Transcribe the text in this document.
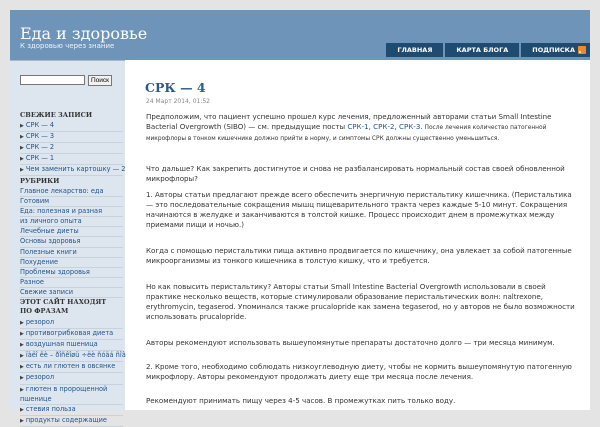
Еда и здоровье
К здоровью через знание	ГЛАВНАЯ	КАРТА БЛОГА	ПОДПИСКА
Поиск
СВЕЖИЕ ЗАПИСИ
▶ СРК — 4
▶ СРК — 3
▶ СРК — 2
▶ СРК — 1
▶ Чем заменить картошку — 2
РУБРИКИ
Главное лекарство: еда
Готовим
Еда: полезная и разная
из личного опыта
Лечебные диеты
Основы здоровья
Полезные книги
Похудение
Проблемы здоровья
Разное
Свежие записи
ЭТОТ САЙТ НАХОДЯТ ПО ФРАЗАМ
▶ резорол
▶ противогрибковая диета
▶ воздушная пшеница
▶ ïàëî êè – ðîñêîøü ÷ëè ñóäá ñîâ
▶ есть ли глютен в овсянке
▶ резорол
▶ глютен в пророщенной пшенице
▶ стевия польза
▶ продукты содержащие
СРК — 4
24 Март 2014, 01:52

Предположим, что пациент успешно прошел курс лечения, предложенный авторами статьи Small Intestine Bacterial Overgrowth (SIBO) — см. предыдущие посты СРК-1, СРК-2, СРК-3. После лечения количество патогенной микрофлоры в тонком кишечнике должно прийти в норму, и симптомы СРК должны существенно уменьшиться.

Что дальше? Как закрепить достигнутое и снова не разбалансировать нормальный состав своей обновленной микрофлоры?

1. Авторы статьи предлагают прежде всего обеспечить энергичную перистальтику кишечника. (Перистальтика — это последовательные сокращения мышц пищеварительного тракта через каждые 5-10 минут. Сокращения начинаются в желудке и заканчиваются в толстой кишке. Процесс происходит днем в промежутках между приемами пищи и ночью.)

Когда с помощью перистальтики пища активно продвигается по кишечнику, она увлекает за собой патогенные микроорганизмы из тонкого кишечника в толстую кишку, что и требуется.

Но как повысить перистальтику? Авторы статьи Small Intestine Bacterial Overgrowth использовали в своей практике несколько веществ, которые стимулировали образование перистальтических волн: naltrexone, erythromycin, tegaserod. Упоминался также prucalopride как замена tegaserod, но у авторов не было возможности использовать prucalopride.

Авторы рекомендуют использовать вышеупомянутые препараты достаточно долго — три месяца минимум.

2. Кроме того, необходимо соблюдать низкоуглеводную диету, чтобы не кормить вышеупомянутую патогенную микрофлору. Авторы рекомендуют продолжать диету еще три месяца после лечения.

Рекомендуют принимать пищу через 4-5 часов. В промежутках пить только воду.
